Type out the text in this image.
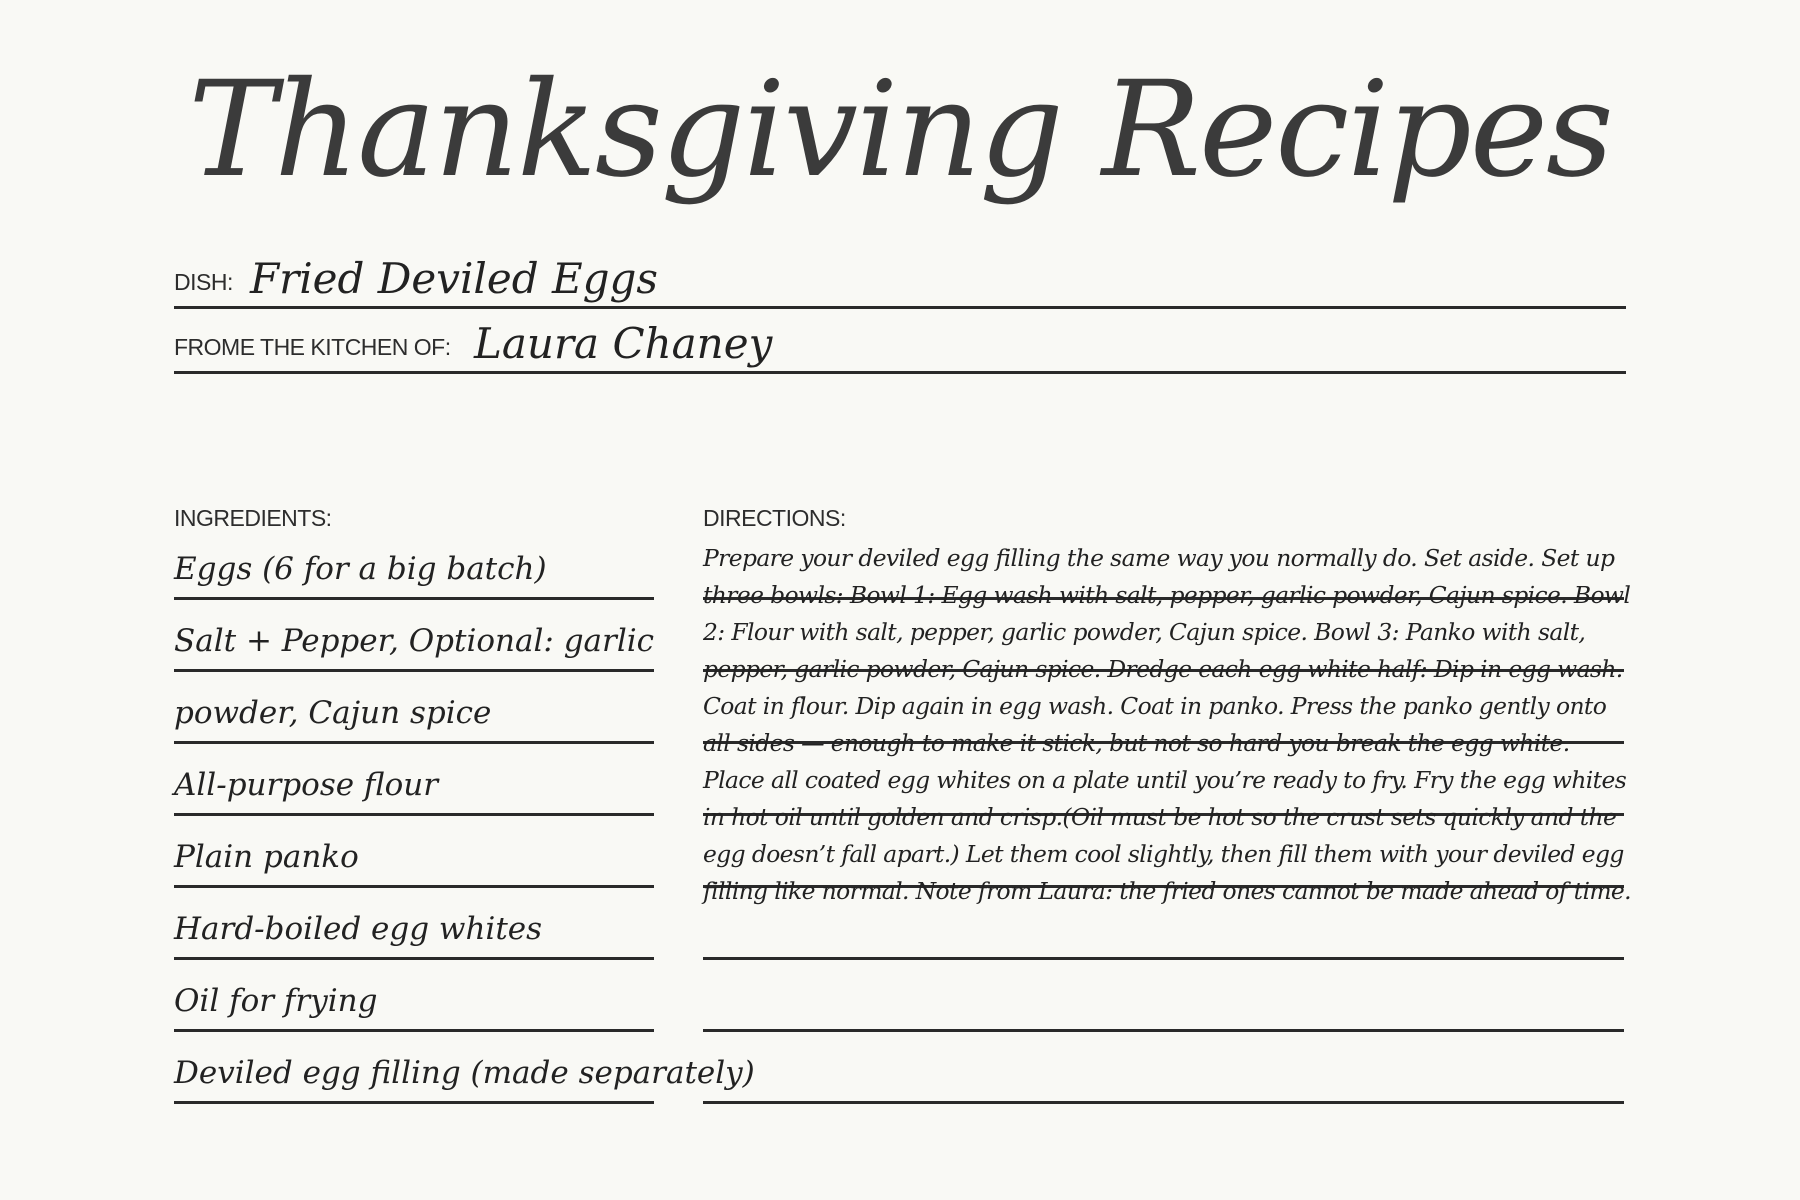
Thanksgiving Recipes
DISH: Fried Deviled Eggs
FROME THE KITCHEN OF: Laura Chaney
INGREDIENTS:	DIRECTIONS:
Eggs (6 for a big batch)
Salt + Pepper, Optional: garlic
powder, Cajun spice
All-purpose flour
Plain panko
Hard-boiled egg whites
Oil for frying
Deviled egg filling (made separately)

Prepare your deviled egg filling the same way you normally do. Set aside. Set up three bowls: Bowl 1: Egg wash with salt, pepper, garlic powder, Cajun spice. Bowl 2: Flour with salt, pepper, garlic powder, Cajun spice. Bowl 3: Panko with salt, pepper, garlic powder, Cajun spice. Dredge each egg white half: Dip in egg wash. Coat in flour. Dip again in egg wash. Coat in panko. Press the panko gently onto all sides — enough to make it stick, but not so hard you break the egg white. Place all coated egg whites on a plate until you’re ready to fry. Fry the egg whites in hot oil until golden and crisp.(Oil must be hot so the crust sets quickly and the egg doesn’t fall apart.) Let them cool slightly, then fill them with your deviled egg filling like normal. Note from Laura: the fried ones cannot be made ahead of time.
